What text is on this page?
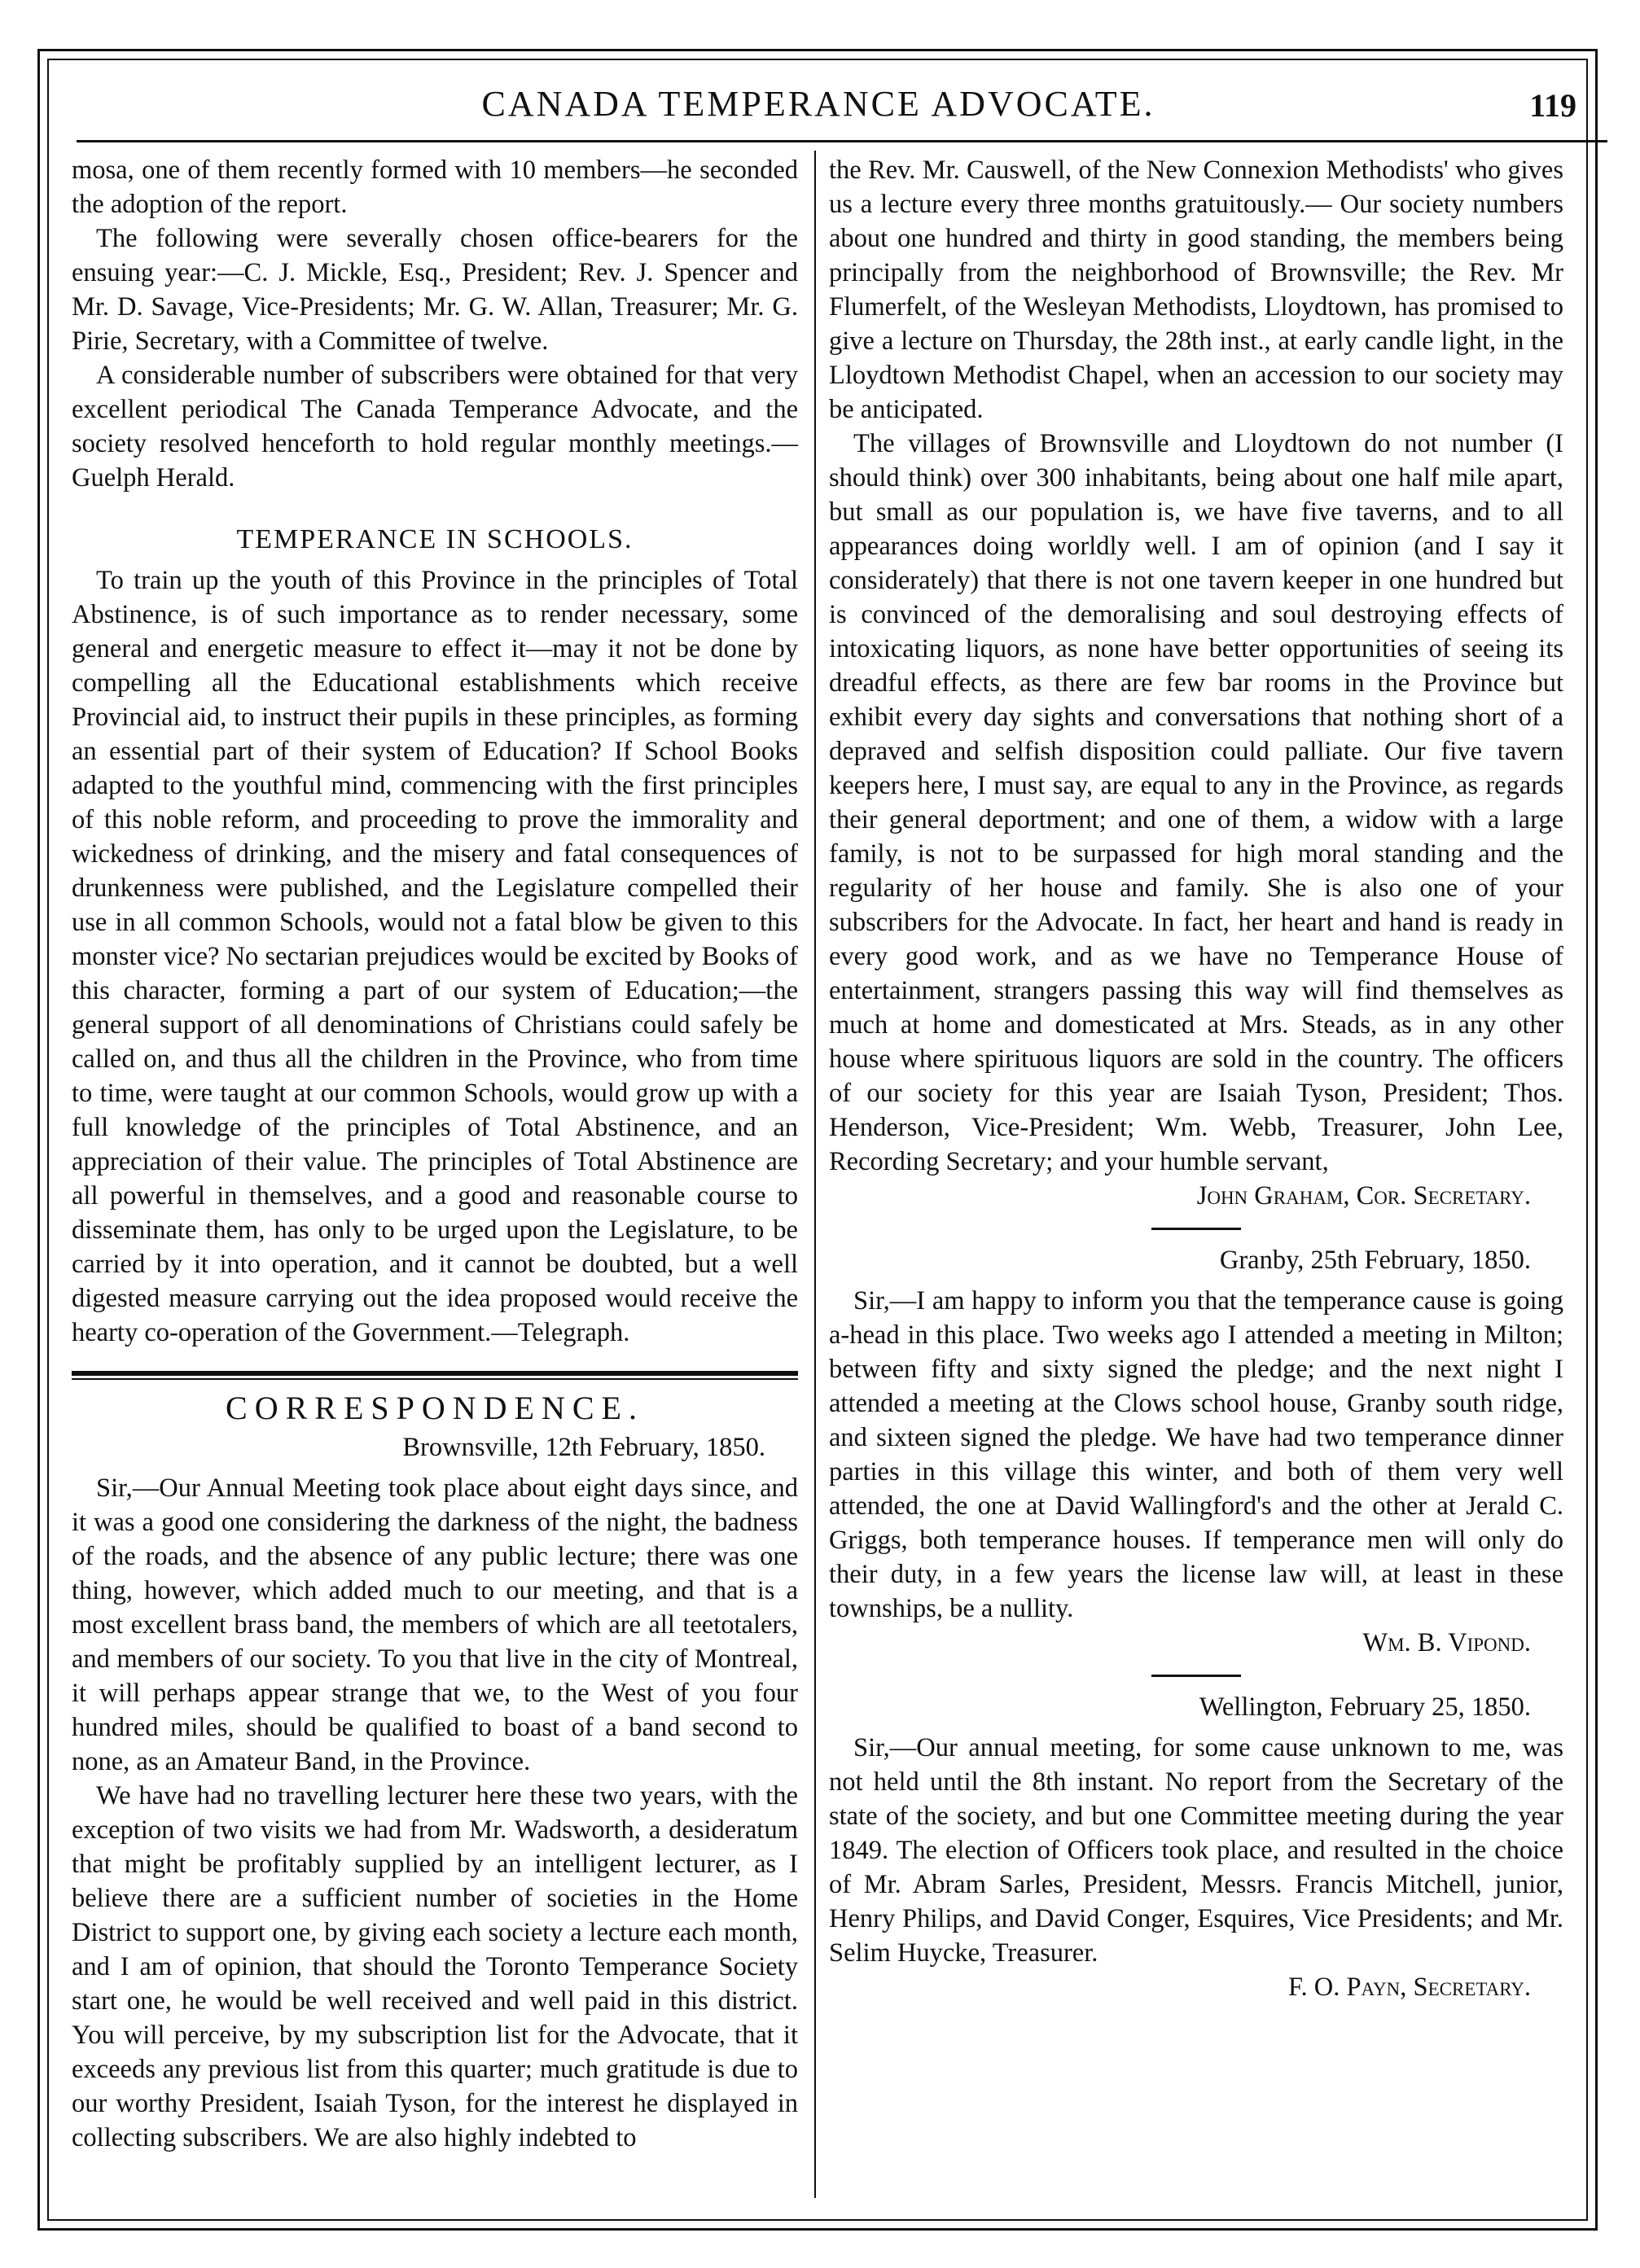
CANADA TEMPERANCE ADVOCATE.	119

mosa, one of them recently formed with 10 members—he seconded the adoption of the report.

The following were severally chosen office-bearers for the ensuing year:—C. J. Mickle, Esq., President; Rev. J. Spencer and Mr. D. Savage, Vice-Presidents; Mr. G. W. Allan, Treasurer; Mr. G. Pirie, Secretary, with a Committee of twelve.

A considerable number of subscribers were obtained for that very excellent periodical The Canada Temperance Advocate, and the society resolved henceforth to hold regular monthly meetings.—Guelph Herald.

TEMPERANCE IN SCHOOLS.

To train up the youth of this Province in the principles of Total Abstinence, is of such importance as to render necessary, some general and energetic measure to effect it—may it not be done by compelling all the Educational establishments which receive Provincial aid, to instruct their pupils in these principles, as forming an essential part of their system of Education? If School Books adapted to the youthful mind, commencing with the first principles of this noble reform, and proceeding to prove the immorality and wickedness of drinking, and the misery and fatal consequences of drunkenness were published, and the Legislature compelled their use in all common Schools, would not a fatal blow be given to this monster vice? No sectarian prejudices would be excited by Books of this character, forming a part of our system of Education;—the general support of all denominations of Christians could safely be called on, and thus all the children in the Province, who from time to time, were taught at our common Schools, would grow up with a full knowledge of the principles of Total Abstinence, and an appreciation of their value. The principles of Total Abstinence are all powerful in themselves, and a good and reasonable course to disseminate them, has only to be urged upon the Legislature, to be carried by it into operation, and it cannot be doubted, but a well digested measure carrying out the idea proposed would receive the hearty co-operation of the Government.—Telegraph.

CORRESPONDENCE.
Brownsville, 12th February, 1850.

Sir,—Our Annual Meeting took place about eight days since, and it was a good one considering the darkness of the night, the badness of the roads, and the absence of any public lecture; there was one thing, however, which added much to our meeting, and that is a most excellent brass band, the members of which are all teetotalers, and members of our society. To you that live in the city of Montreal, it will perhaps appear strange that we, to the West of you four hundred miles, should be qualified to boast of a band second to none, as an Amateur Band, in the Province.

We have had no travelling lecturer here these two years, with the exception of two visits we had from Mr. Wadsworth, a desideratum that might be profitably supplied by an intelligent lecturer, as I believe there are a sufficient number of societies in the Home District to support one, by giving each society a lecture each month, and I am of opinion, that should the Toronto Temperance Society start one, he would be well received and well paid in this district. You will perceive, by my subscription list for the Advocate, that it exceeds any previous list from this quarter; much gratitude is due to our worthy President, Isaiah Tyson, for the interest he displayed in collecting subscribers. We are also highly indebted to

the Rev. Mr. Causwell, of the New Connexion Methodists' who gives us a lecture every three months gratuitously.— Our society numbers about one hundred and thirty in good standing, the members being principally from the neighborhood of Brownsville; the Rev. Mr Flumerfelt, of the Wesleyan Methodists, Lloydtown, has promised to give a lecture on Thursday, the 28th inst., at early candle light, in the Lloydtown Methodist Chapel, when an accession to our society may be anticipated.

The villages of Brownsville and Lloydtown do not number (I should think) over 300 inhabitants, being about one half mile apart, but small as our population is, we have five taverns, and to all appearances doing worldly well. I am of opinion (and I say it considerately) that there is not one tavern keeper in one hundred but is convinced of the demoralising and soul destroying effects of intoxicating liquors, as none have better opportunities of seeing its dreadful effects, as there are few bar rooms in the Province but exhibit every day sights and conversations that nothing short of a depraved and selfish disposition could palliate. Our five tavern keepers here, I must say, are equal to any in the Province, as regards their general deportment; and one of them, a widow with a large family, is not to be surpassed for high moral standing and the regularity of her house and family. She is also one of your subscribers for the Advocate. In fact, her heart and hand is ready in every good work, and as we have no Temperance House of entertainment, strangers passing this way will find themselves as much at home and domesticated at Mrs. Steads, as in any other house where spirituous liquors are sold in the country. The officers of our society for this year are Isaiah Tyson, President; Thos. Henderson, Vice-President; Wm. Webb, Treasurer, John Lee, Recording Secretary; and your humble servant,

John Graham, Cor. Secretary.
Granby, 25th February, 1850.

Sir,—I am happy to inform you that the temperance cause is going a-head in this place. Two weeks ago I attended a meeting in Milton; between fifty and sixty signed the pledge; and the next night I attended a meeting at the Clows school house, Granby south ridge, and sixteen signed the pledge. We have had two temperance dinner parties in this village this winter, and both of them very well attended, the one at David Wallingford's and the other at Jerald C. Griggs, both temperance houses. If temperance men will only do their duty, in a few years the license law will, at least in these townships, be a nullity.

Wm. B. Vipond.
Wellington, February 25, 1850.

Sir,—Our annual meeting, for some cause unknown to me, was not held until the 8th instant. No report from the Secretary of the state of the society, and but one Committee meeting during the year 1849. The election of Officers took place, and resulted in the choice of Mr. Abram Sarles, President, Messrs. Francis Mitchell, junior, Henry Philips, and David Conger, Esquires, Vice Presidents; and Mr. Selim Huycke, Treasurer.

F. O. Payn, Secretary.
